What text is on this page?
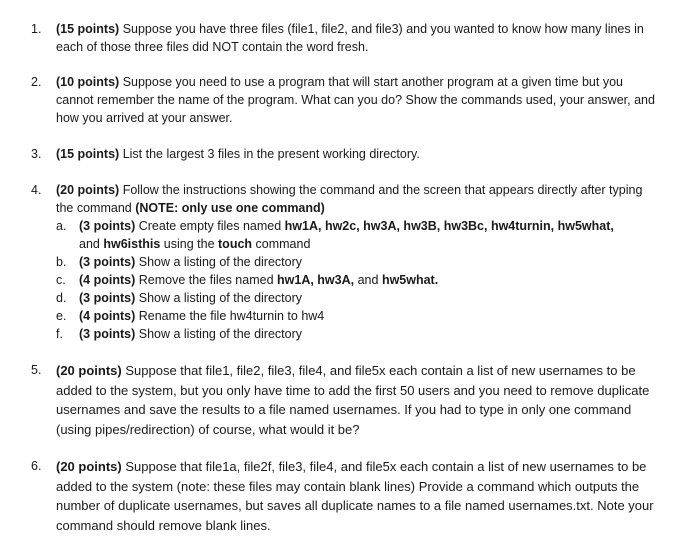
1. (15 points) Suppose you have three files (file1, file2, and file3) and you wanted to know how many lines in each of those three files did NOT contain the word fresh.
2. (10 points) Suppose you need to use a program that will start another program at a given time but you cannot remember the name of the program. What can you do? Show the commands used, your answer, and how you arrived at your answer.
3. (15 points) List the largest 3 files in the present working directory.
4. (20 points) Follow the instructions showing the command and the screen that appears directly after typing the command (NOTE: only use one command)
a.	(3 points) Create empty files named hw1A, hw2c, hw3A, hw3B, hw3Bc, hw4turnin, hw5what,
and hw6isthis using the touch command
b.	(3 points) Show a listing of the directory
c.	(4 points) Remove the files named hw1A, hw3A, and hw5what.
d.	(3 points) Show a listing of the directory
e.	(4 points) Rename the file hw4turnin to hw4
f.	(3 points) Show a listing of the directory
5. (20 points) Suppose that file1, file2, file3, file4, and file5x each contain a list of new usernames to be added to the system, but you only have time to add the first 50 users and you need to remove duplicate usernames and save the results to a file named usernames. If you had to type in only one command (using pipes/redirection) of course, what would it be?
6. (20 points) Suppose that file1a, file2f, file3, file4, and file5x each contain a list of new usernames to be added to the system (note: these files may contain blank lines) Provide a command which outputs the number of duplicate usernames, but saves all duplicate names to a file named usernames.txt. Note your command should remove blank lines.
